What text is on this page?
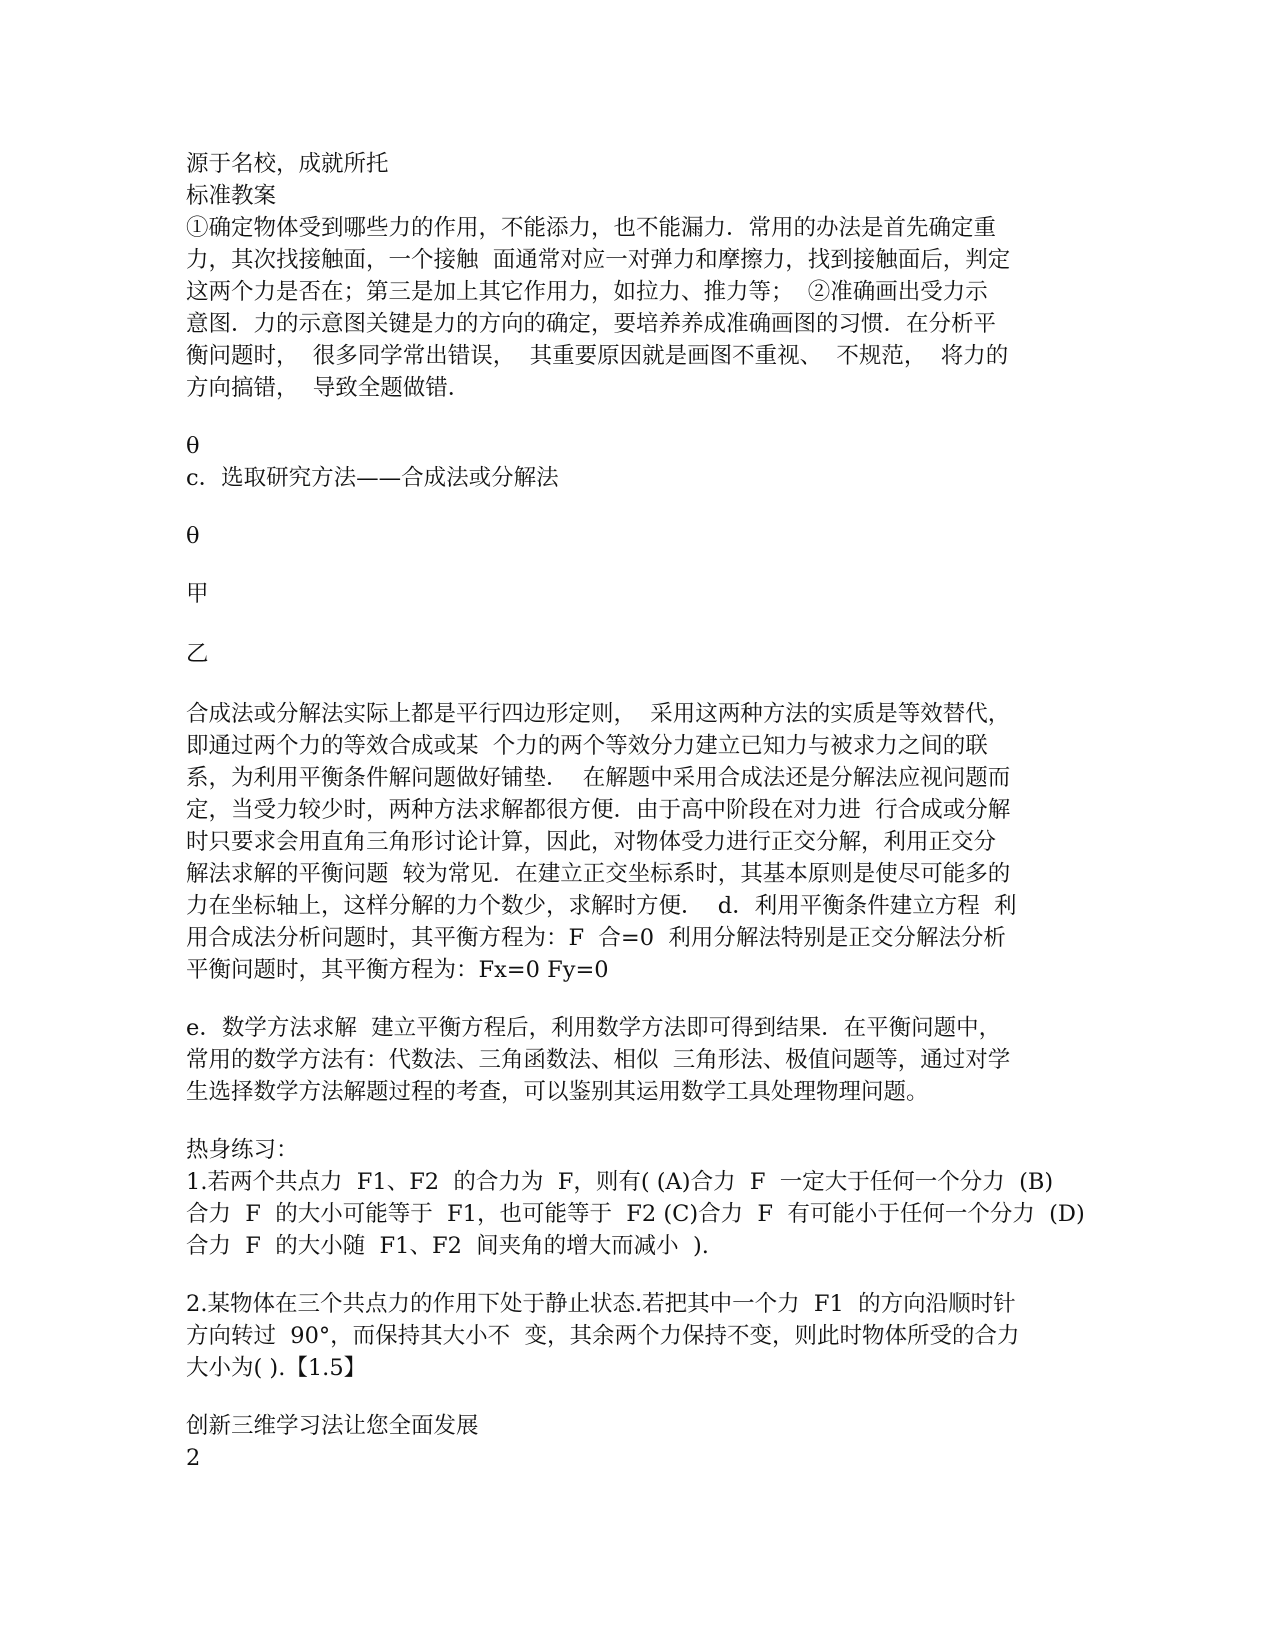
源于名校，成就所托
标准教案
①确定物体受到哪些力的作用，不能添力，也不能漏力．常用的办法是首先确定重
力，其次找接触面，一个接触  面通常对应一对弹力和摩擦力，找到接触面后，判定
这两个力是否在；第三是加上其它作用力，如拉力、推力等；  ②准确画出受力示
意图．力的示意图关键是力的方向的确定，要培养养成准确画图的习惯．在分析平
衡问题时，  很多同学常出错误，  其重要原因就是画图不重视、  不规范，  将力的
方向搞错，  导致全题做错．
θ
c．选取研究方法——合成法或分解法
θ
甲
乙
合成法或分解法实际上都是平行四边形定则，  采用这两种方法的实质是等效替代，
即通过两个力的等效合成或某  个力的两个等效分力建立已知力与被求力之间的联
系，为利用平衡条件解问题做好铺垫．  在解题中采用合成法还是分解法应视问题而
定，当受力较少时，两种方法求解都很方便．由于高中阶段在对力进  行合成或分解
时只要求会用直角三角形讨论计算，因此，对物体受力进行正交分解，利用正交分
解法求解的平衡问题  较为常见．在建立正交坐标系时，其基本原则是使尽可能多的
力在坐标轴上，这样分解的力个数少，求解时方便．  d．利用平衡条件建立方程  利
用合成法分析问题时，其平衡方程为：F  合=0  利用分解法特别是正交分解法分析
平衡问题时，其平衡方程为：Fx=0 Fy=0
e．数学方法求解  建立平衡方程后，利用数学方法即可得到结果．在平衡问题中，
常用的数学方法有：代数法、三角函数法、相似  三角形法、极值问题等，通过对学
生选择数学方法解题过程的考查，可以鉴别其运用数学工具处理物理问题。
热身练习：
1.若两个共点力  F1、F2  的合力为  F，则有( (A)合力  F  一定大于任何一个分力  (B)
合力  F  的大小可能等于  F1，也可能等于  F2 (C)合力  F  有可能小于任何一个分力  (D)
合力  F  的大小随  F1、F2  间夹角的增大而减小  ).
2.某物体在三个共点力的作用下处于静止状态.若把其中一个力  F1  的方向沿顺时针
方向转过  90°，而保持其大小不  变，其余两个力保持不变，则此时物体所受的合力
大小为( ).【1.5】
创新三维学习法让您全面发展
2
